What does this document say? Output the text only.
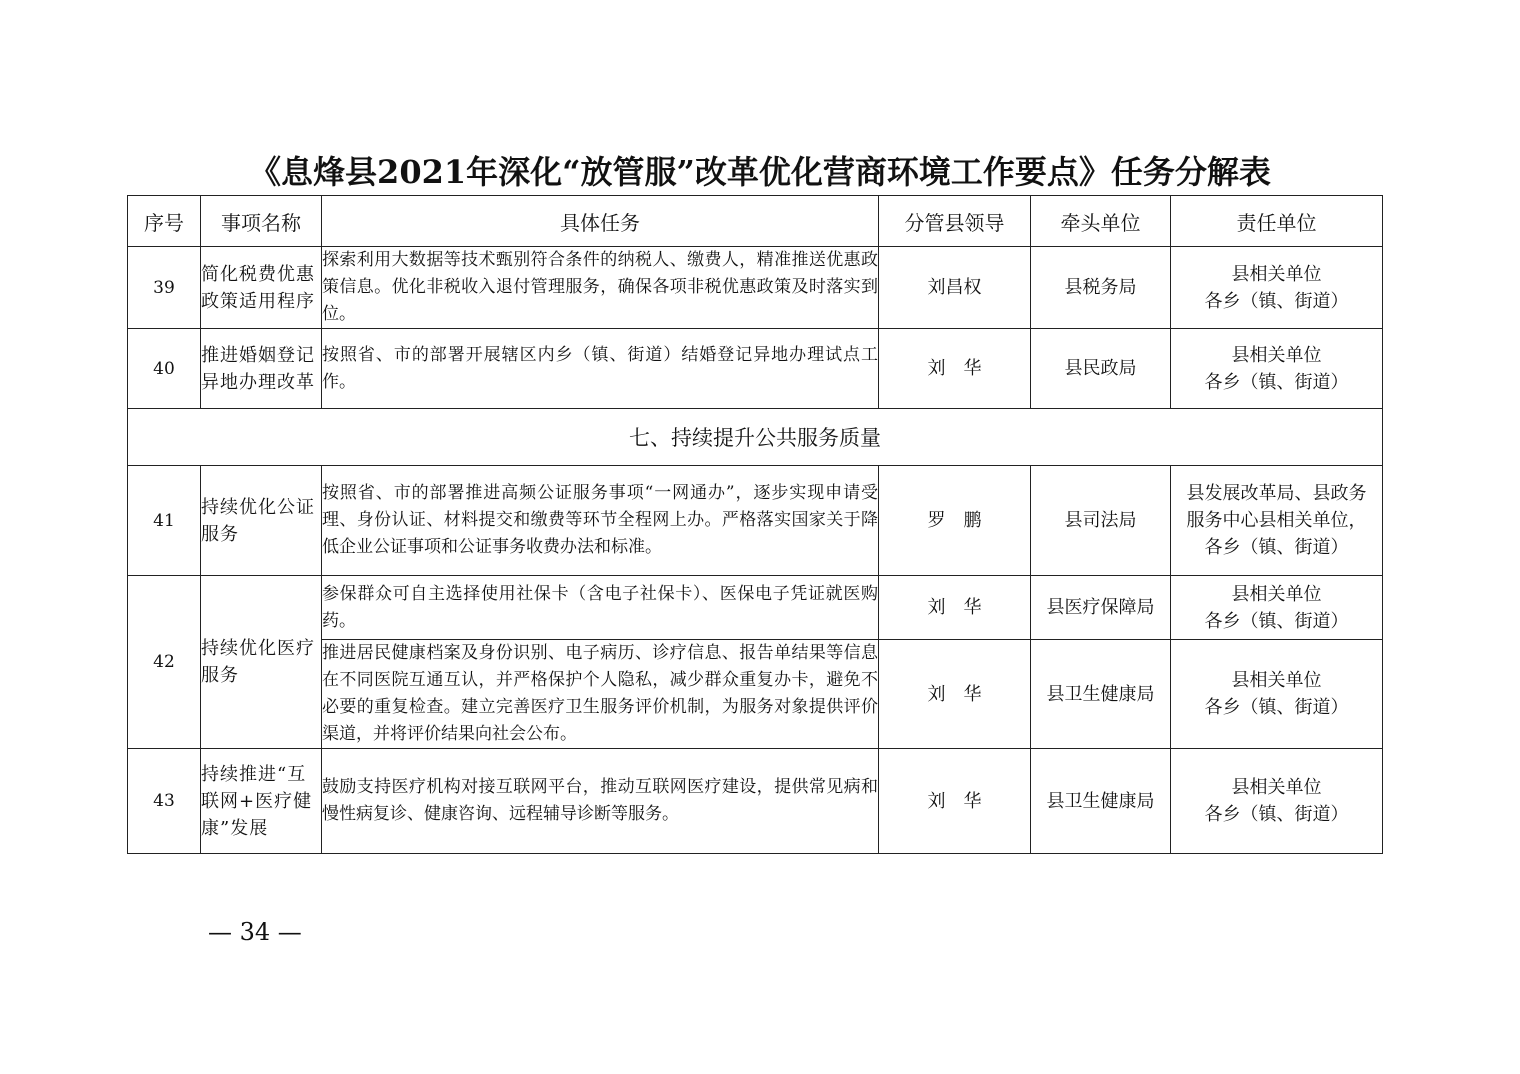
《息烽县2021年深化“放管服”改革优化营商环境工作要点》任务分解表
序号	事项名称	具体任务	分管县领导	牵头单位	责任单位
39	简化税费优惠政策适用程序	探索利用大数据等技术甄别符合条件的纳税人、缴费人，精准推送优惠政策信息。优化非税收入退付管理服务，确保各项非税优惠政策及时落实到位。	刘昌权	县税务局	县相关单位
各乡（镇、街道）

40	推进婚姻登记异地办理改革	按照省、市的部署开展辖区内乡（镇、街道）结婚登记异地办理试点工作。	刘　华	县民政局	县相关单位
各乡（镇、街道）

七、持续提升公共服务质量					
41	持续优化公证服务	按照省、市的部署推进高频公证服务事项“一网通办”，逐步实现申请受理、身份认证、材料提交和缴费等环节全程网上办。严格落实国家关于降低企业公证事项和公证事务收费办法和标准。	罗　鹏	县司法局	县发展改革局、县政务
服务中心县相关单位，
各乡（镇、街道）

42	持续优化医疗服务	参保群众可自主选择使用社保卡（含电子社保卡）、医保电子凭证就医购药。	刘　华	县医疗保障局	县相关单位
各乡（镇、街道）

		推进居民健康档案及身份识别、电子病历、诊疗信息、报告单结果等信息在不同医院互通互认，并严格保护个人隐私，减少群众重复办卡，避免不必要的重复检查。建立完善医疗卫生服务评价机制，为服务对象提供评价渠道，并将评价结果向社会公布。	刘　华	县卫生健康局	县相关单位
各乡（镇、街道）

43	持续推进“互联网+医疗健康”发展	鼓励支持医疗机构对接互联网平台，推动互联网医疗建设，提供常见病和慢性病复诊、健康咨询、远程辅导诊断等服务。	刘　华	县卫生健康局	县相关单位
各乡（镇、街道）
— 34 —
